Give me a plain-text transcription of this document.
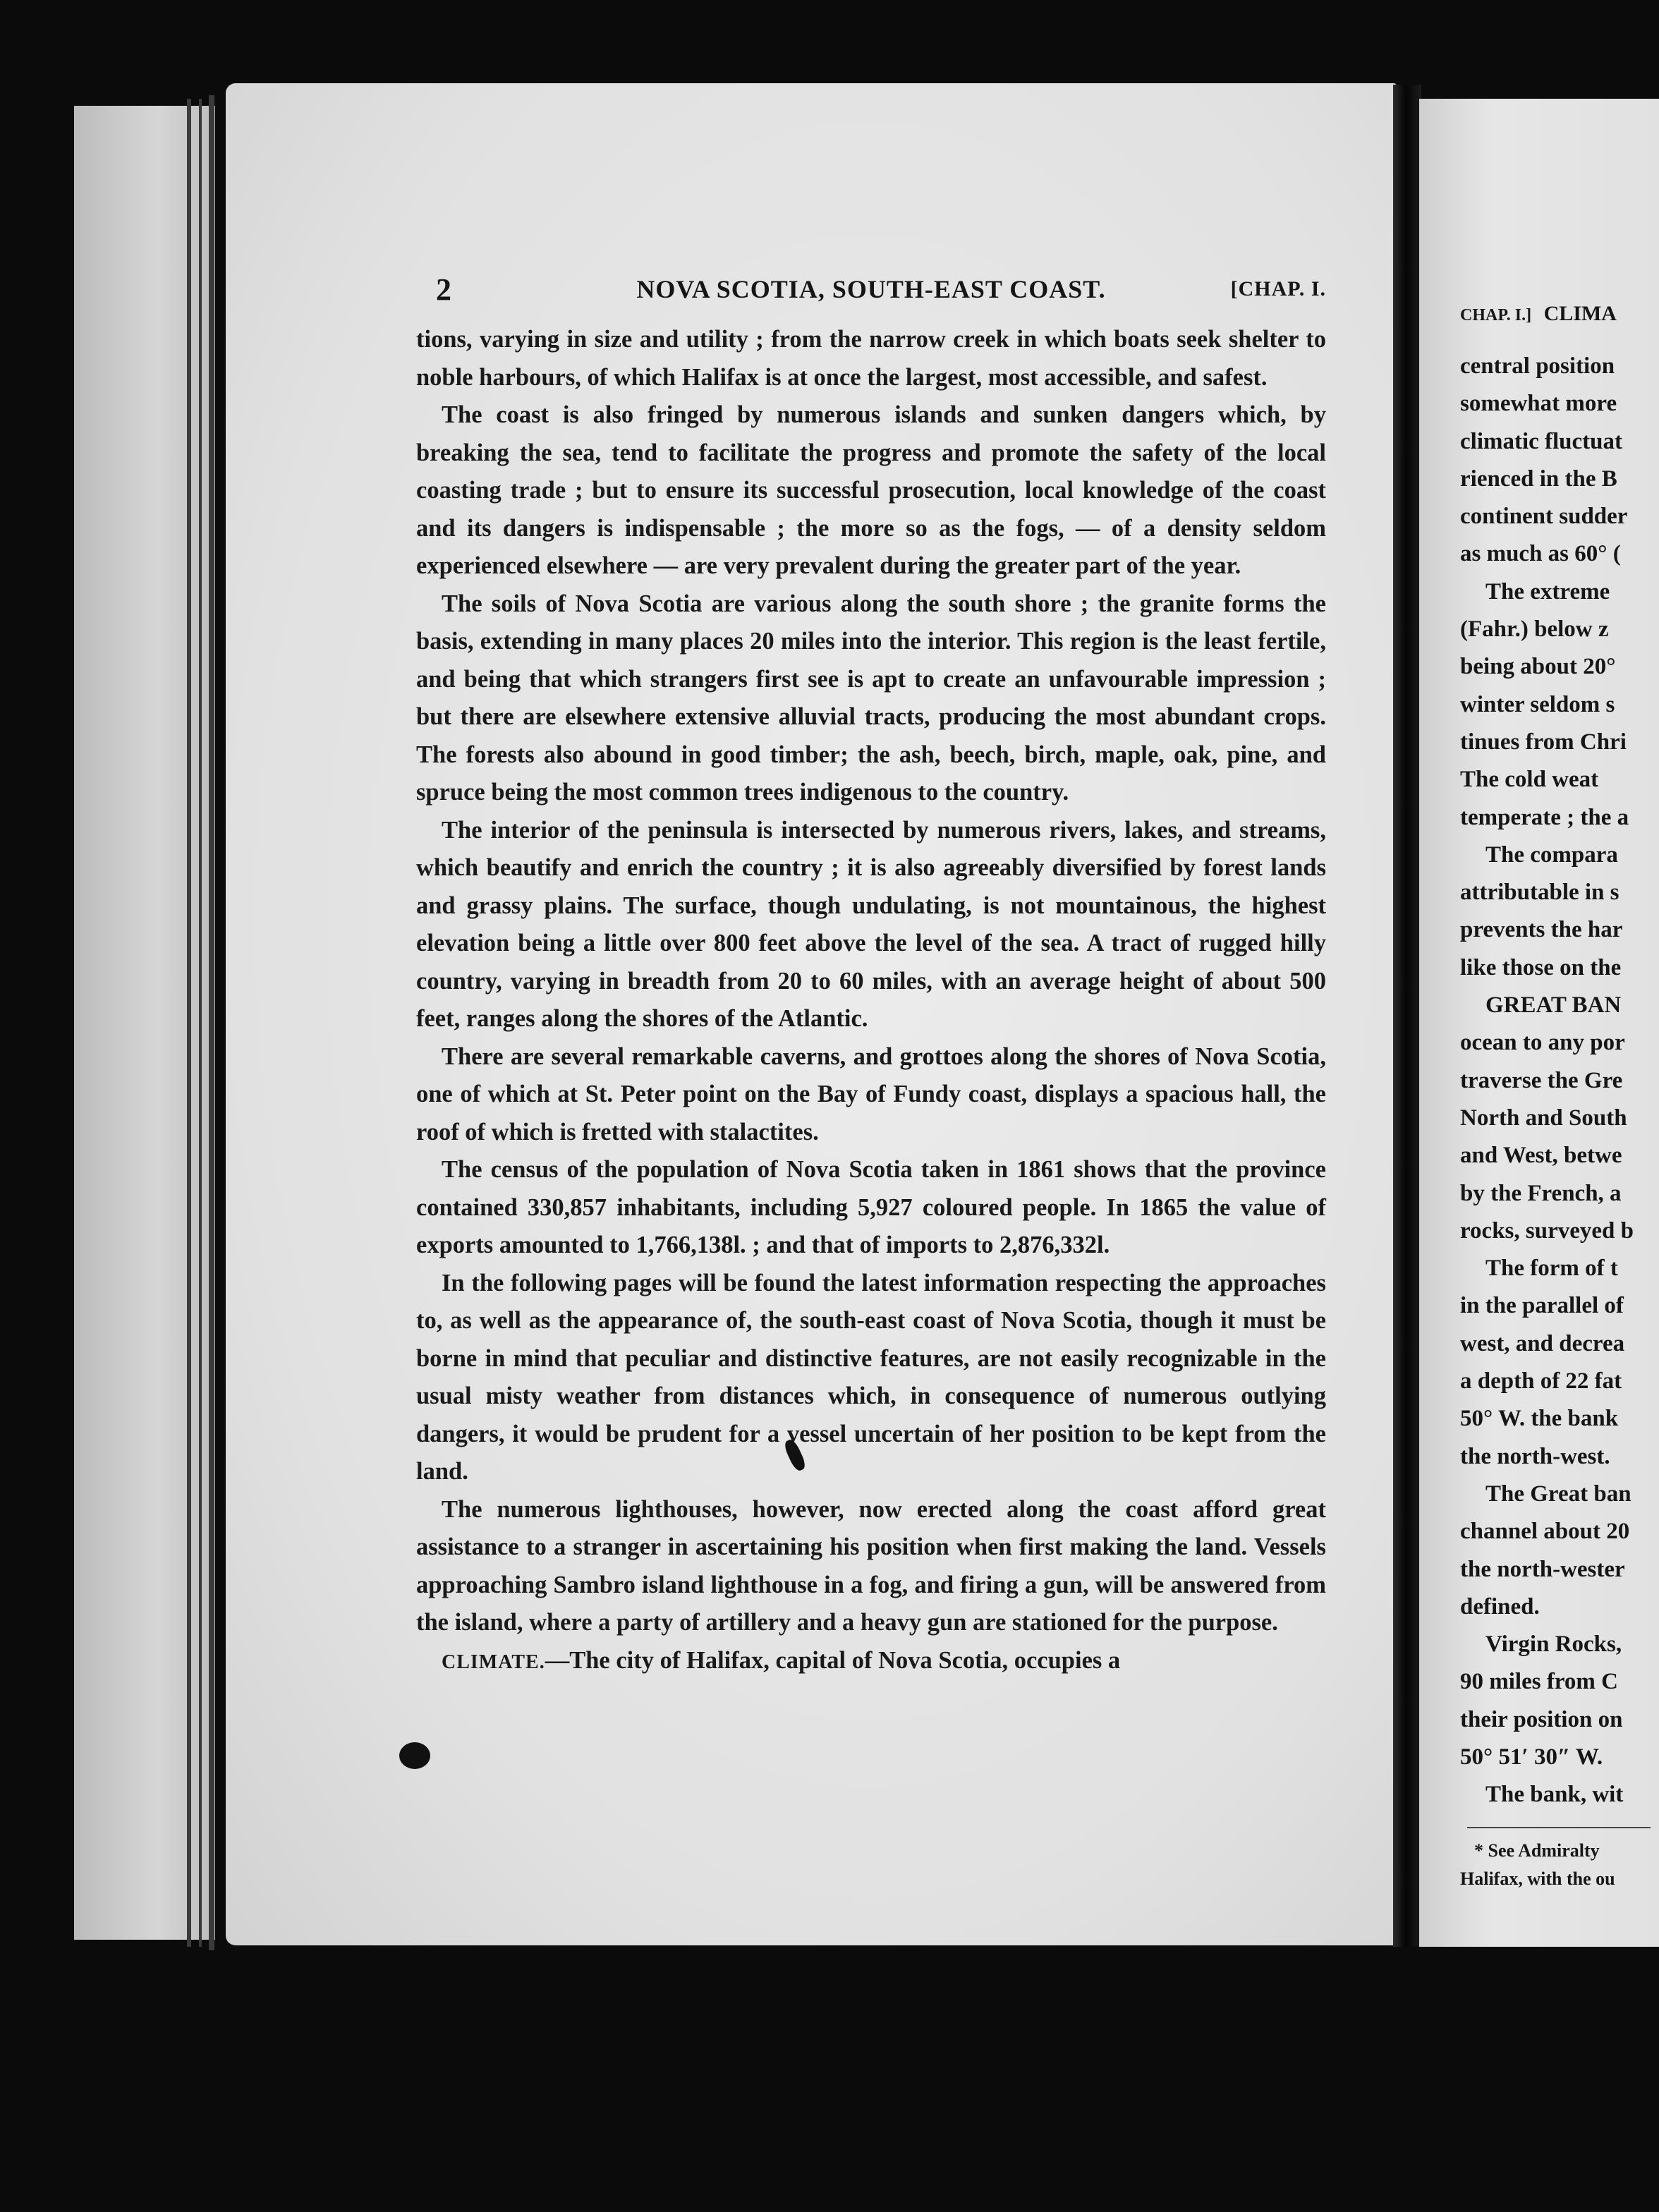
2	NOVA SCOTIA, SOUTH-EAST COAST.	[CHAP. I.

tions, varying in size and utility ; from the narrow creek in which boats seek shelter to noble harbours, of which Halifax is at once the largest, most accessible, and safest.

The coast is also fringed by numerous islands and sunken dangers which, by breaking the sea, tend to facilitate the progress and promote the safety of the local coasting trade ; but to ensure its successful prosecution, local knowledge of the coast and its dangers is indispensable ; the more so as the fogs, — of a density seldom experienced elsewhere — are very prevalent during the greater part of the year.

The soils of Nova Scotia are various along the south shore ; the granite forms the basis, extending in many places 20 miles into the interior. This region is the least fertile, and being that which strangers first see is apt to create an unfavourable impression ; but there are elsewhere extensive alluvial tracts, producing the most abundant crops. The forests also abound in good timber; the ash, beech, birch, maple, oak, pine, and spruce being the most common trees indigenous to the country.

The interior of the peninsula is intersected by numerous rivers, lakes, and streams, which beautify and enrich the country ; it is also agreeably diversified by forest lands and grassy plains. The surface, though undulating, is not mountainous, the highest elevation being a little over 800 feet above the level of the sea. A tract of rugged hilly country, varying in breadth from 20 to 60 miles, with an average height of about 500 feet, ranges along the shores of the Atlantic.

There are several remarkable caverns, and grottoes along the shores of Nova Scotia, one of which at St. Peter point on the Bay of Fundy coast, displays a spacious hall, the roof of which is fretted with stalactites.

The census of the population of Nova Scotia taken in 1861 shows that the province contained 330,857 inhabitants, including 5,927 coloured people. In 1865 the value of exports amounted to 1,766,138l. ; and that of imports to 2,876,332l.

In the following pages will be found the latest information respecting the approaches to, as well as the appearance of, the south-east coast of Nova Scotia, though it must be borne in mind that peculiar and distinctive features, are not easily recognizable in the usual misty weather from distances which, in consequence of numerous outlying dangers, it would be prudent for a vessel uncertain of her position to be kept from the land.

The numerous lighthouses, however, now erected along the coast afford great assistance to a stranger in ascertaining his position when first making the land. Vessels approaching Sambro island lighthouse in a fog, and firing a gun, will be answered from the island, where a party of artillery and a heavy gun are stationed for the purpose.

CLIMATE.—The city of Halifax, capital of Nova Scotia, occupies a

CHAP. I.] CLIMA
central position
somewhat more
climatic fluctuat
rienced in the B
continent sudder
as much as 60° (
The extreme
(Fahr.) below z
being about 20°
winter seldom s
tinues from Chri
The cold weat
temperate ; the a
The compara
attributable in s
prevents the har
like those on the
GREAT BAN
ocean to any por
traverse the Gre
North and South
and West, betwe
by the French, a
rocks, surveyed b
The form of t
in the parallel of
west, and decrea
a depth of 22 fat
50° W. the bank
the north-west.
The Great ban
channel about 20
the north-wester
defined.
Virgin Rocks,
90 miles from C
their position on
50° 51′ 30″ W.
The bank, wit
* See Admiralty
Halifax, with the ou
